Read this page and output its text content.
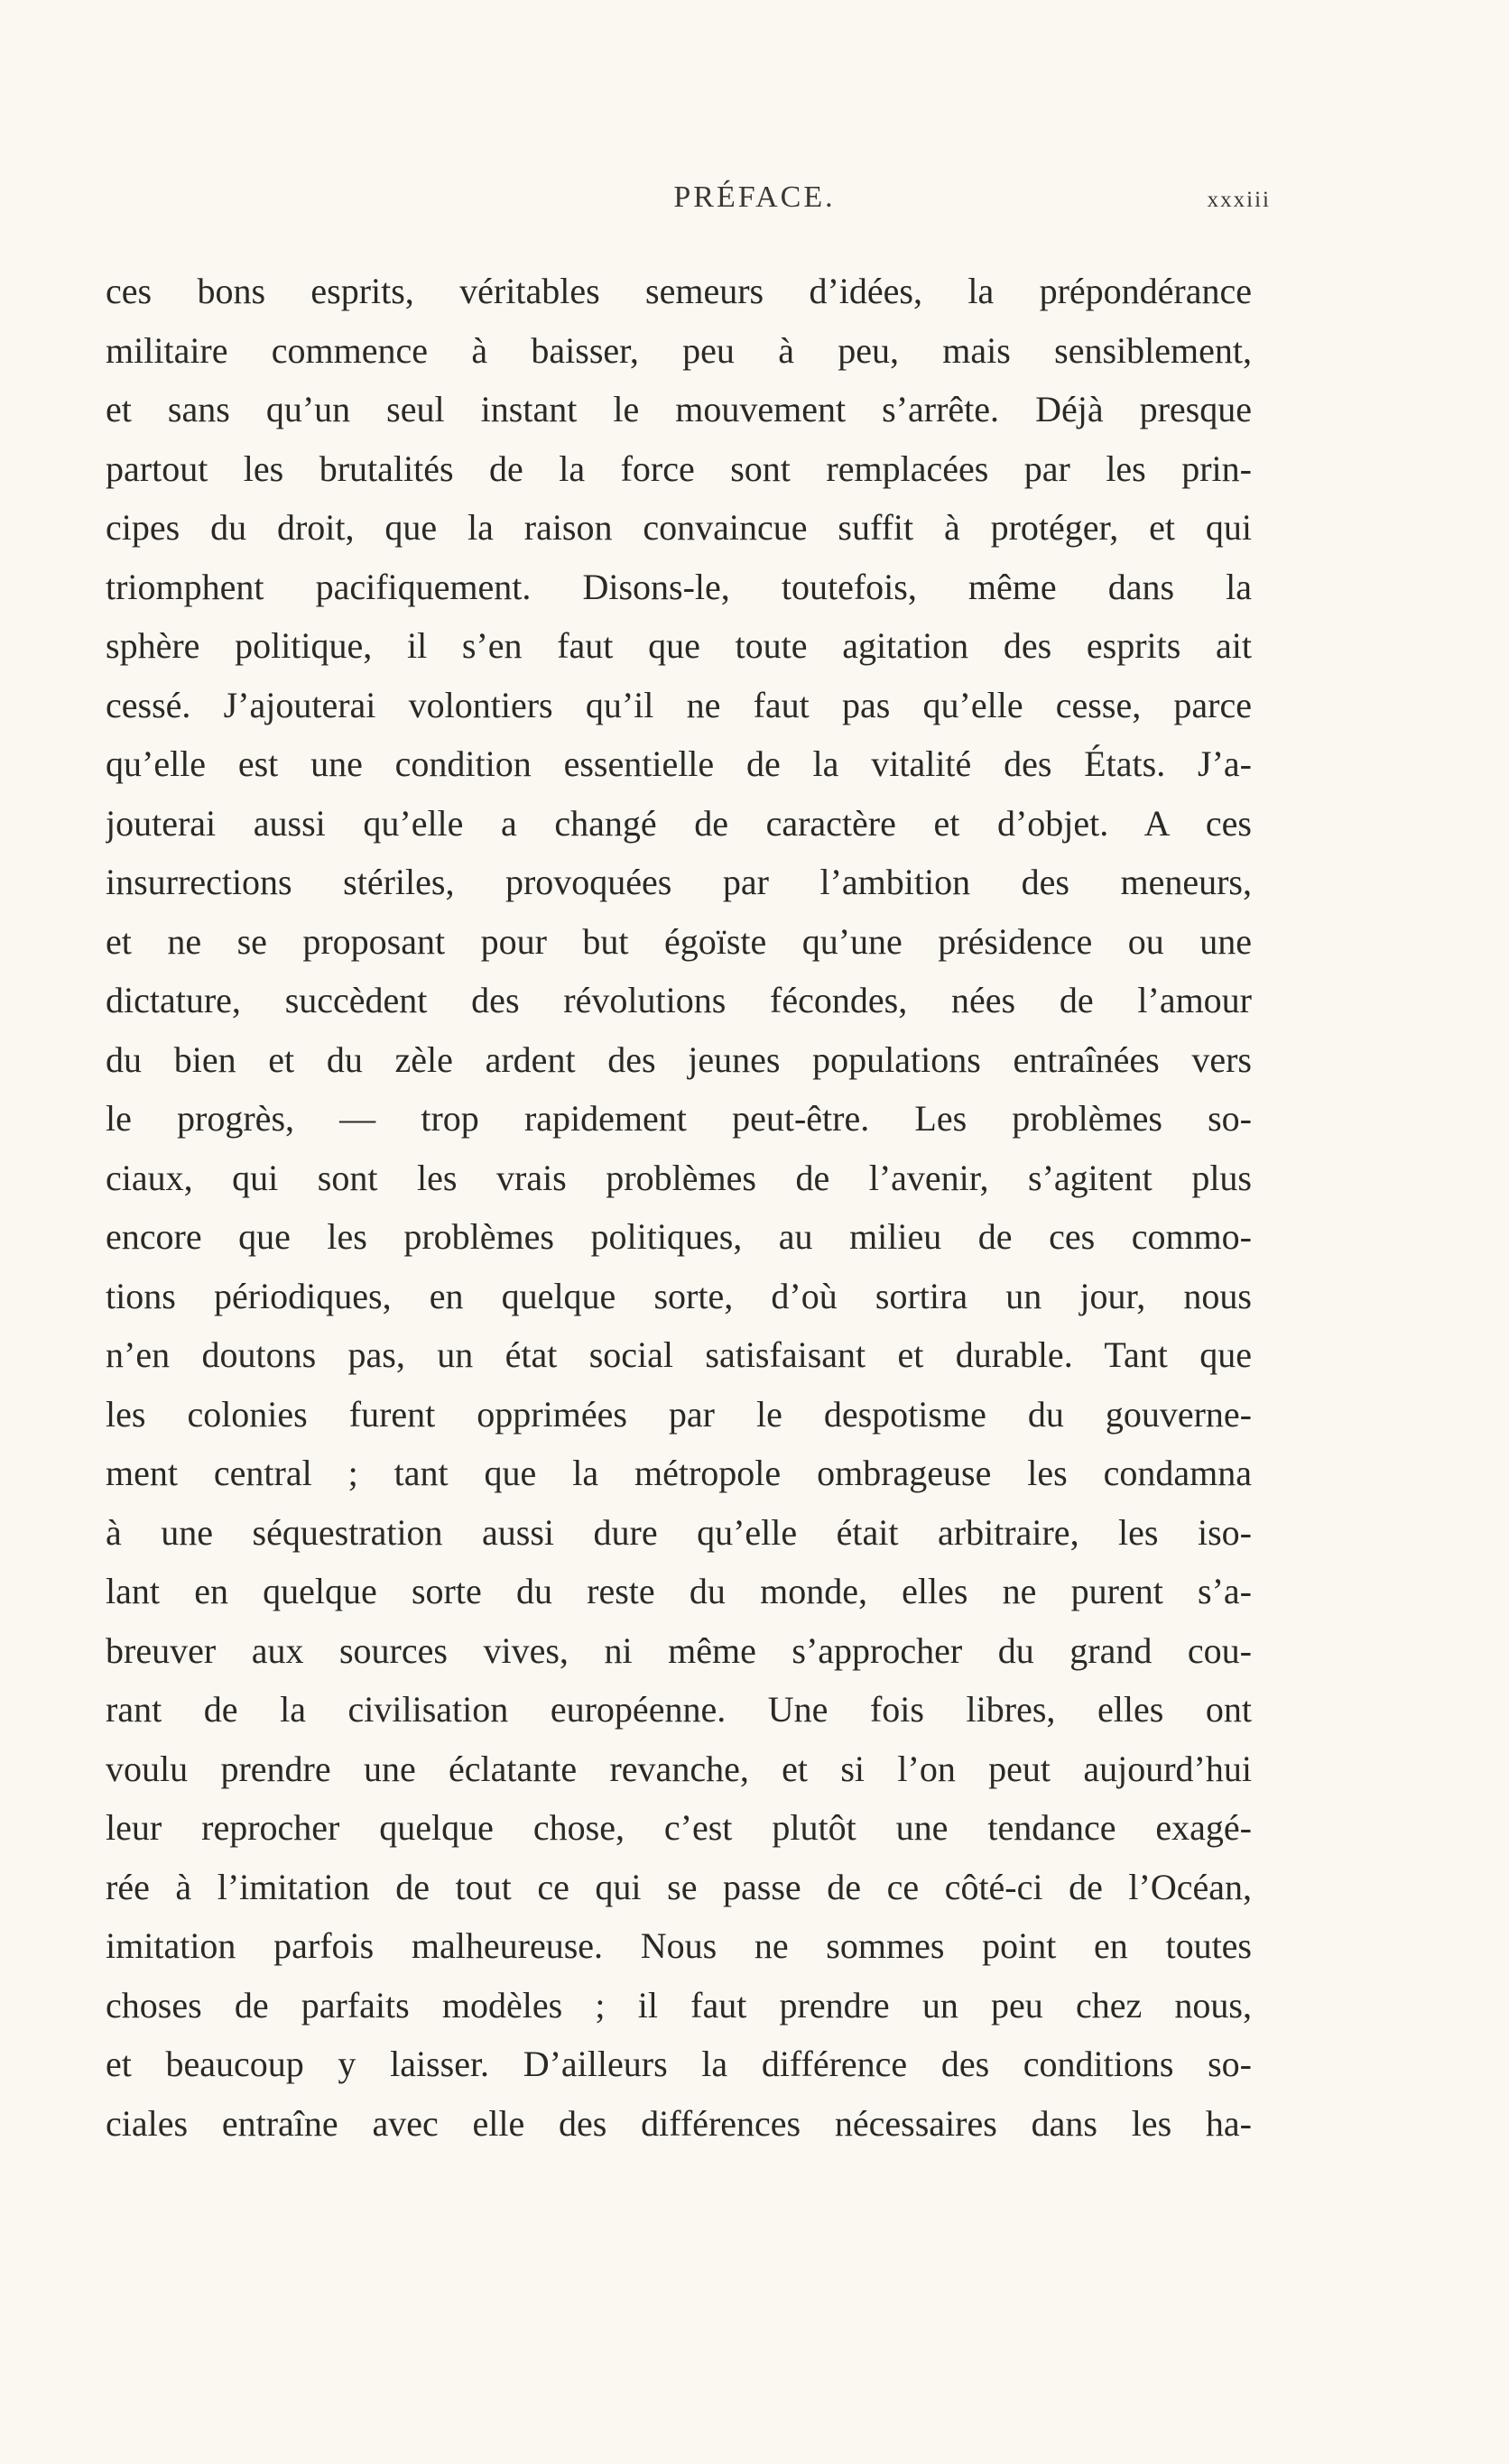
PRÉFACE.	xxxiii
ces bons esprits, véritables semeurs d’idées, la prépondérance
militaire commence à baisser, peu à peu, mais sensiblement,
et sans qu’un seul instant le mouvement s’arrête. Déjà presque
partout les brutalités de la force sont remplacées par les prin-
cipes du droit, que la raison convaincue suffit à protéger, et qui
triomphent pacifiquement. Disons-le, toutefois, même dans la
sphère politique, il s’en faut que toute agitation des esprits ait
cessé. J’ajouterai volontiers qu’il ne faut pas qu’elle cesse, parce
qu’elle est une condition essentielle de la vitalité des États. J’a-
jouterai aussi qu’elle a changé de caractère et d’objet. A ces
insurrections stériles, provoquées par l’ambition des meneurs,
et ne se proposant pour but égoïste qu’une présidence ou une
dictature, succèdent des révolutions fécondes, nées de l’amour
du bien et du zèle ardent des jeunes populations entraînées vers
le progrès, — trop rapidement peut-être. Les problèmes so-
ciaux, qui sont les vrais problèmes de l’avenir, s’agitent plus
encore que les problèmes politiques, au milieu de ces commo-
tions périodiques, en quelque sorte, d’où sortira un jour, nous
n’en doutons pas, un état social satisfaisant et durable. Tant que
les colonies furent opprimées par le despotisme du gouverne-
ment central ; tant que la métropole ombrageuse les condamna
à une séquestration aussi dure qu’elle était arbitraire, les iso-
lant en quelque sorte du reste du monde, elles ne purent s’a-
breuver aux sources vives, ni même s’approcher du grand cou-
rant de la civilisation européenne. Une fois libres, elles ont
voulu prendre une éclatante revanche, et si l’on peut aujourd’hui
leur reprocher quelque chose, c’est plutôt une tendance exagé-
rée à l’imitation de tout ce qui se passe de ce côté-ci de l’Océan,
imitation parfois malheureuse. Nous ne sommes point en toutes
choses de parfaits modèles ; il faut prendre un peu chez nous,
et beaucoup y laisser. D’ailleurs la différence des conditions so-
ciales entraîne avec elle des différences nécessaires dans les ha-
